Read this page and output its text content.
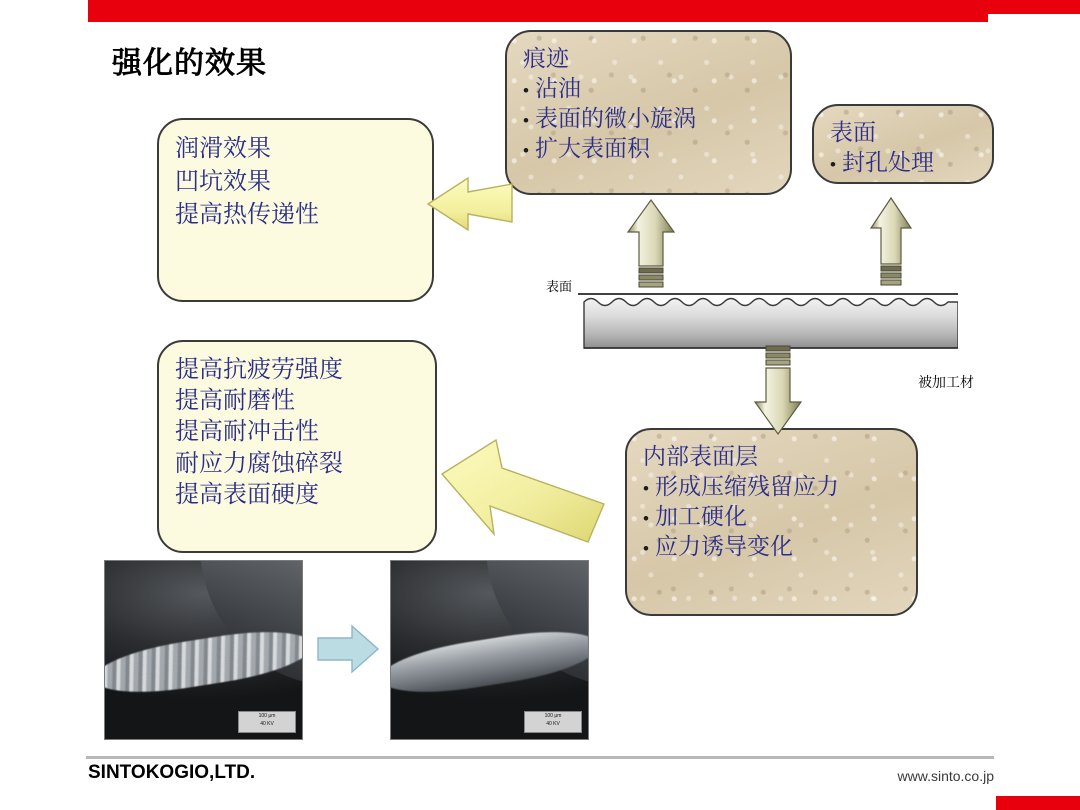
强化的效果
润滑效果
凹坑效果
提高热传递性
提高抗疲劳强度
提高耐磨性
提高耐冲击性
耐应力腐蚀碎裂
提高表面硬度
痕迹
• 沾油
• 表面的微小旋涡
• 扩大表面积
表面
• 封孔处理
内部表面层
• 形成压缩残留应力
• 加工硬化
• 应力诱导变化
表面
被加工材
100 μm
40 KV
100 μm
40 KV
SINTOKOGIO,LTD.	www.sinto.co.jp
